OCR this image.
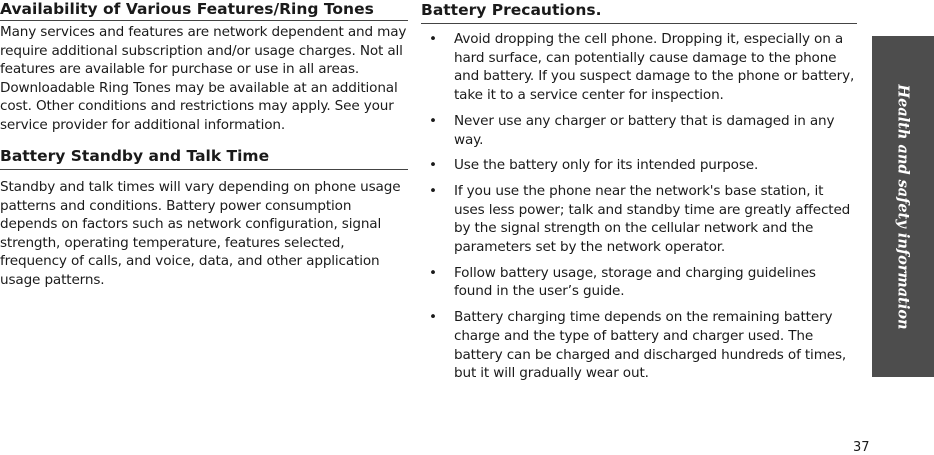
Availability of Various Features/Ring Tones

Many services and features are network dependent and may require additional subscription and/or usage charges. Not all features are available for purchase or use in all areas. Downloadable Ring Tones may be available at an additional cost. Other conditions and restrictions may apply. See your service provider for additional information.

Battery Standby and Talk Time

Standby and talk times will vary depending on phone usage patterns and conditions. Battery power consumption depends on factors such as network configuration, signal strength, operating temperature, features selected, frequency of calls, and voice, data, and other application usage patterns.

Battery Precautions.
• Avoid dropping the cell phone. Dropping it, especially on a hard surface, can potentially cause damage to the phone and battery. If you suspect damage to the phone or battery, take it to a service center for inspection.
• Never use any charger or battery that is damaged in any way.
• Use the battery only for its intended purpose.
• If you use the phone near the network's base station, it uses less power; talk and standby time are greatly affected by the signal strength on the cellular network and the parameters set by the network operator.
• Follow battery usage, storage and charging guidelines found in the user’s guide.
• Battery charging time depends on the remaining battery charge and the type of battery and charger used. The battery can be charged and discharged hundreds of times, but it will gradually wear out.
Health and safety information
37
